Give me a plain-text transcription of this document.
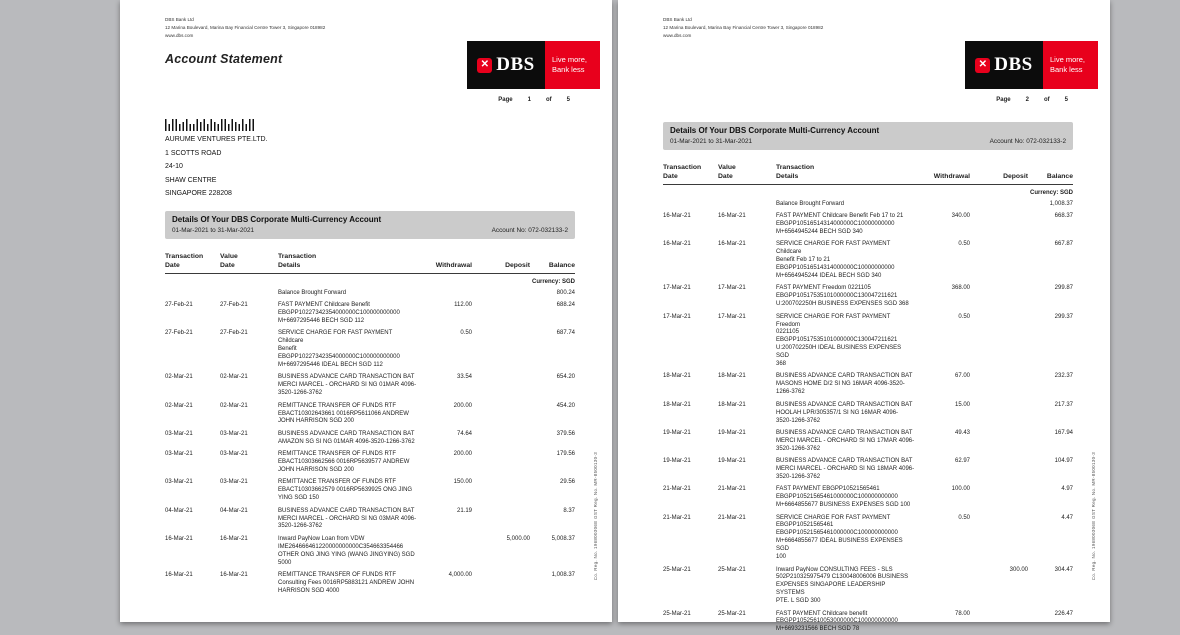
DBS Bank Ltd
12 Marina Boulevard, Marina Bay Financial Centre Tower 3, Singapore 018982
www.dbs.com
Account Statement	✕ DBS Live more,
Bank less
Page	1	of	5
AURUME VENTURES PTE.LTD.
1 SCOTTS ROAD
24-10
SHAW CENTRE
SINGAPORE 228208
Details Of Your DBS Corporate Multi-Currency Account
01-Mar-2021 to 31-Mar-2021	Account No: 072-032133-2
Transaction
Date	Value
Date	Transaction
Details	Withdrawal	Deposit	Balance
					Currency: SGD

		Balance Brought Forward			800.24
27-Feb-21	27-Feb-21	FAST PAYMENT Childcare Benefit
EBGPP10227342354000000C100000000000
M+6697295446 BECH SGD 112	112.00		688.24
27-Feb-21	27-Feb-21	SERVICE CHARGE FOR FAST PAYMENT Childcare
Benefit
EBGPP10227342354000000C100000000000
M+6697295446 IDEAL BECH SGD 112	0.50		687.74
02-Mar-21	02-Mar-21	BUSINESS ADVANCE CARD TRANSACTION BAT
MERCI MARCEL - ORCHARD SI NG 01MAR 4096-
3520-1266-3762	33.54		654.20
02-Mar-21	02-Mar-21	REMITTANCE TRANSFER OF FUNDS RTF
EBACT10302643661 0016RP5611066 ANDREW
JOHN HARRISON SGD 200	200.00		454.20
03-Mar-21	03-Mar-21	BUSINESS ADVANCE CARD TRANSACTION BAT
AMAZON SG SI NG 01MAR 4096-3520-1266-3762	74.64		379.56
03-Mar-21	03-Mar-21	REMITTANCE TRANSFER OF FUNDS RTF
EBACT10303662566 0016RP5639577 ANDREW
JOHN HARRISON SGD 200	200.00		179.56
03-Mar-21	03-Mar-21	REMITTANCE TRANSFER OF FUNDS RTF
EBACT10303662579 0016RP5639925 ONG JING
YING SGD 150	150.00		29.56
04-Mar-21	04-Mar-21	BUSINESS ADVANCE CARD TRANSACTION BAT
MERCI MARCEL - ORCHARD SI NG 03MAR 4096-
3520-1266-3762	21.19		8.37
16-Mar-21	16-Mar-21	Inward PayNow Loan from VDW
IME264666461220000000000C354663354466
OTHER ONG JING YING (WANG JINGYING) SGD
5000		5,000.00	5,008.37
16-Mar-21	16-Mar-21	REMITTANCE TRANSFER OF FUNDS RTF
Consulting Fees 0016RP5883121 ANDREW JOHN
HARRISON SGD 4000	4,000.00		1,008.37	Co. Reg. No. 196800306E GST Reg. No. MR-8500130-3
DBS Bank Ltd
12 Marina Boulevard, Marina Bay Financial Centre Tower 3, Singapore 018982
www.dbs.com
✕ DBS Live more,
Bank less
Page	2	of	5
Details Of Your DBS Corporate Multi-Currency Account
01-Mar-2021 to 31-Mar-2021	Account No: 072-032133-2
Transaction
Date	Value
Date	Transaction
Details	Withdrawal	Deposit	Balance
					Currency: SGD

		Balance Brought Forward			1,008.37
16-Mar-21	16-Mar-21	FAST PAYMENT Childcare Benefit Feb 17 to 21
EBGPP10516514314000000C10000000000
M+6564945244 BECH SGD 340	340.00		668.37
16-Mar-21	16-Mar-21	SERVICE CHARGE FOR FAST PAYMENT Childcare
Benefit Feb 17 to 21
EBGPP10516514314000000C10000000000
M+6564945244 IDEAL BECH SGD 340	0.50		667.87
17-Mar-21	17-Mar-21	FAST PAYMENT Freedom 0221105
EBGPP10517535101000000C130047211621
U:200702250H BUSINESS EXPENSES SGD 368	368.00		299.87
17-Mar-21	17-Mar-21	SERVICE CHARGE FOR FAST PAYMENT Freedom
0221105
EBGPP10517535101000000C130047211621
U:200702250H IDEAL BUSINESS EXPENSES SGD
368	0.50		299.37
18-Mar-21	18-Mar-21	BUSINESS ADVANCE CARD TRANSACTION BAT
MASONS HOME D/2 SI NG 16MAR 4096-3520-
1266-3762	67.00		232.37
18-Mar-21	18-Mar-21	BUSINESS ADVANCE CARD TRANSACTION BAT
HOOLAH LPR/305357/1 SI NG 16MAR 4096-
3520-1266-3762	15.00		217.37
19-Mar-21	19-Mar-21	BUSINESS ADVANCE CARD TRANSACTION BAT
MERCI MARCEL - ORCHARD SI NG 17MAR 4096-
3520-1266-3762	49.43		167.94
19-Mar-21	19-Mar-21	BUSINESS ADVANCE CARD TRANSACTION BAT
MERCI MARCEL - ORCHARD SI NG 18MAR 4096-
3520-1266-3762	62.97		104.97
21-Mar-21	21-Mar-21	FAST PAYMENT EBGPP10521565461
EBGPP10521565461000000C100000000000
M+6664855677 BUSINESS EXPENSES SGD 100	100.00		4.97
21-Mar-21	21-Mar-21	SERVICE CHARGE FOR FAST PAYMENT
EBGPP10521565461
EBGPP10521565461000000C100000000000
M+6664855677 IDEAL BUSINESS EXPENSES SGD
100	0.50		4.47
25-Mar-21	25-Mar-21	Inward PayNow CONSULTING FEES - SLS
502P210325975479 C130048006006 BUSINESS
EXPENSES SINGAPORE LEADERSHIP SYSTEMS
PTE. L SGD 300		300.00	304.47
25-Mar-21	25-Mar-21	FAST PAYMENT Childcare benefit
EBGPP10525610053000000C100000000000
M+6693231566 BECH SGD 78	78.00		226.47
Co. Reg. No. 196800306E GST Reg. No. MR-8500130-3
